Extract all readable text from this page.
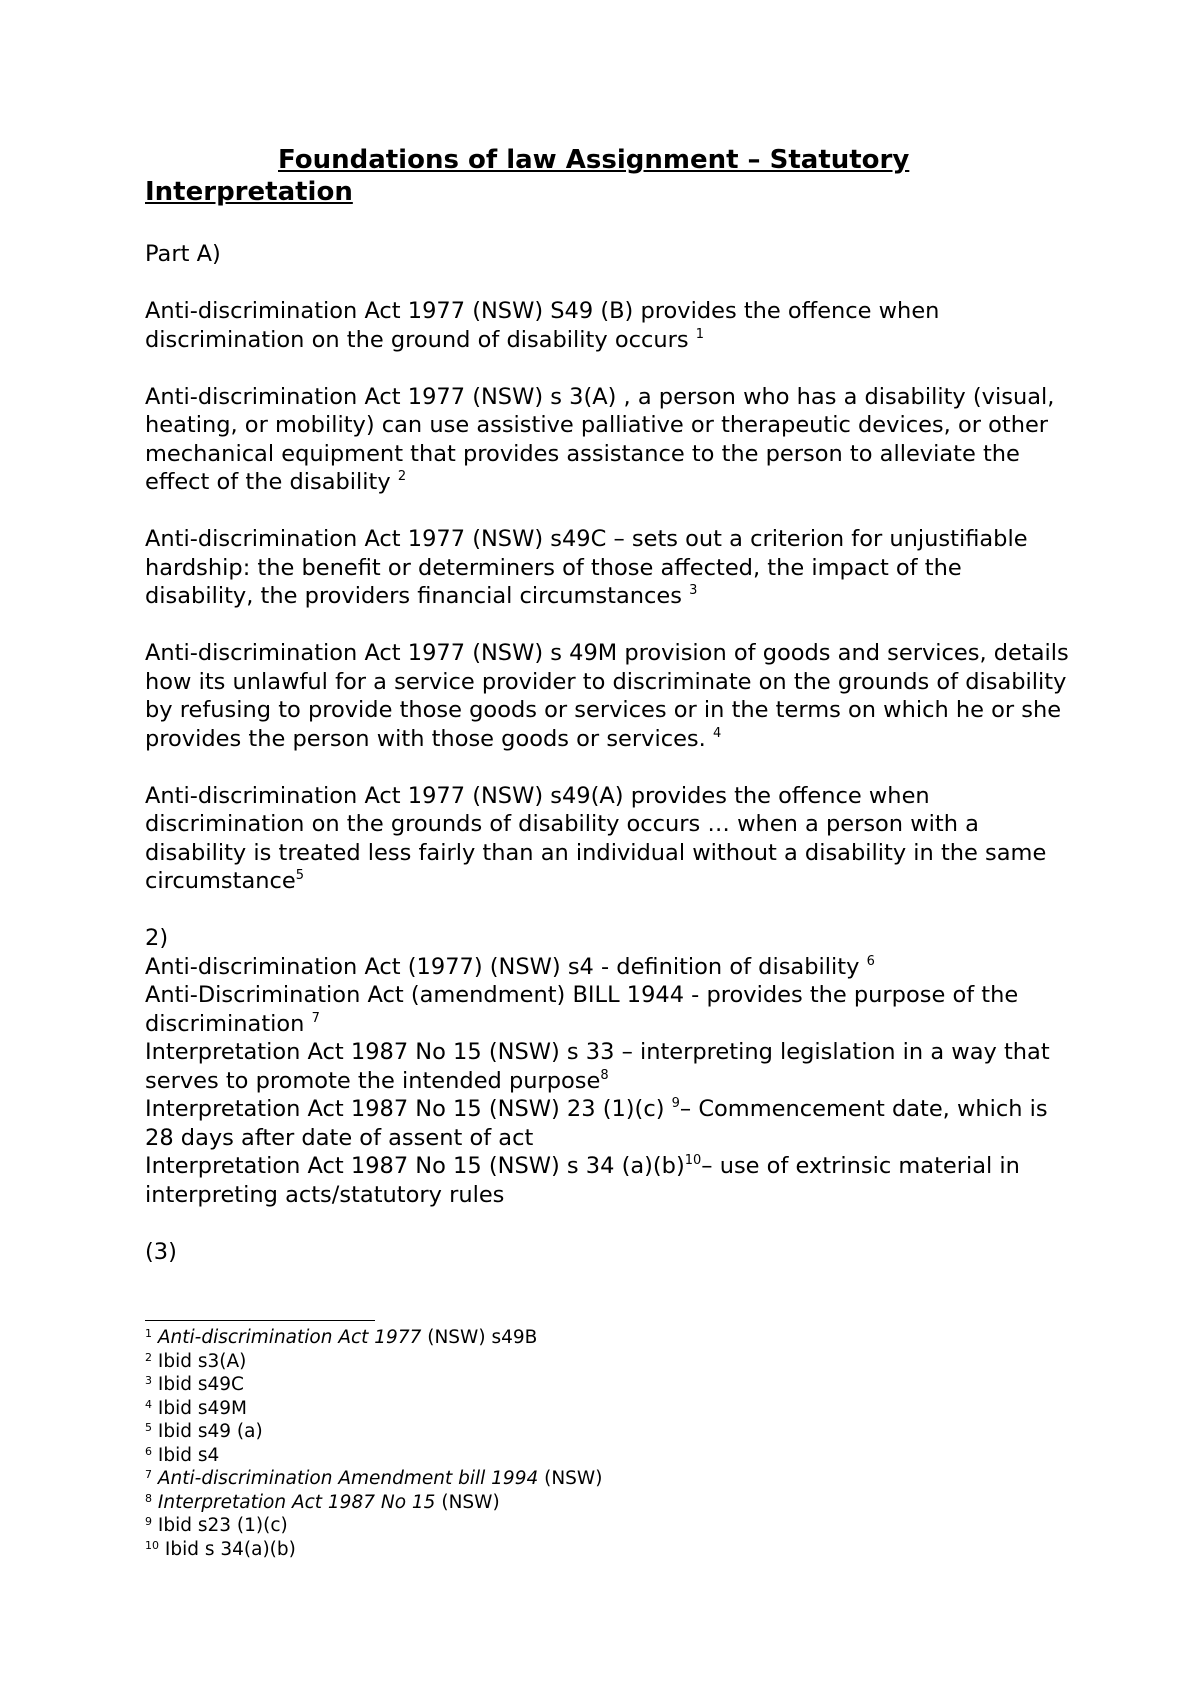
Foundations of law Assignment – Statutory
Interpretation

Part A)

Anti-discrimination Act 1977 (NSW) S49 (B) provides the offence when discrimination on the ground of disability occurs $^1$

Anti-discrimination Act 1977 (NSW) s 3(A) , a person who has a disability (visual, heating, or mobility) can use assistive palliative or therapeutic devices, or other mechanical equipment that provides assistance to the person to alleviate the effect of the disability $^2$

Anti-discrimination Act 1977 (NSW) s49C – sets out a criterion for unjustifiable hardship: the benefit or determiners of those affected, the impact of the disability, the providers financial circumstances $^3$

Anti-discrimination Act 1977 (NSW) s 49M provision of goods and services, details how its unlawful for a service provider to discriminate on the grounds of disability by refusing to provide those goods or services or in the terms on which he or she provides the person with those goods or services. $^4$

Anti-discrimination Act 1977 (NSW) s49(A) provides the offence when discrimination on the grounds of disability occurs … when a person with a disability is treated less fairly than an individual without a disability in the same circumstance$^5$

2)

Anti-discrimination Act (1977) (NSW) s4 - definition of disability $^6$

Anti-Discrimination Act (amendment) BILL 1944 - provides the purpose of the discrimination $^7$

Interpretation Act 1987 No 15 (NSW) s 33 – interpreting legislation in a way that serves to promote the intended purpose$^8$

Interpretation Act 1987 No 15 (NSW) 23 (1)(c) $^9$– Commencement date, which is 28 days after date of assent of act

Interpretation Act 1987 No 15 (NSW) s 34 $(a)(b)^{10}-$ use of extrinsic material in interpreting acts/statutory rules

(3)

$^1$ Anti-discrimination Act 1977 (NSW) s49B
$^2$ Ibid s3(A)
$^3$ Ibid s49C
$^4$ Ibid s49M
$^5$ Ibid s49 (a)
$^6$ Ibid s4
$^7$ Anti-discrimination Amendment bill 1994 (NSW)
$^8$ Interpretation Act 1987 No 15 (NSW)
$^9$ Ibid s23 (1)(c)
$^{10}$ Ibid s 34(a)(b)
